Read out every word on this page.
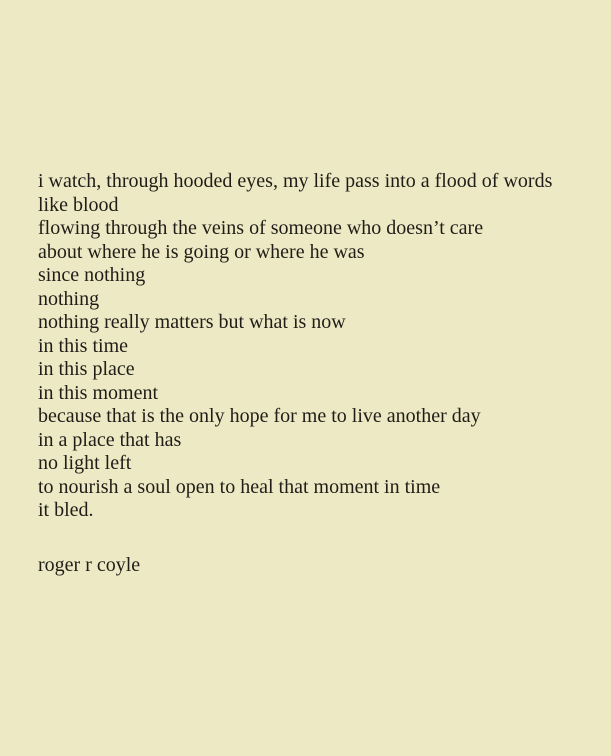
i watch, through hooded eyes, my life pass into a flood of words
like blood
flowing through the veins of someone who doesn’t care
about where he is going or where he was
since nothing
nothing
nothing really matters but what is now
in this time
in this place
in this moment
because that is the only hope for me to live another day
in a place that has
no light left
to nourish a soul open to heal that moment in time
it bled.
roger r coyle
